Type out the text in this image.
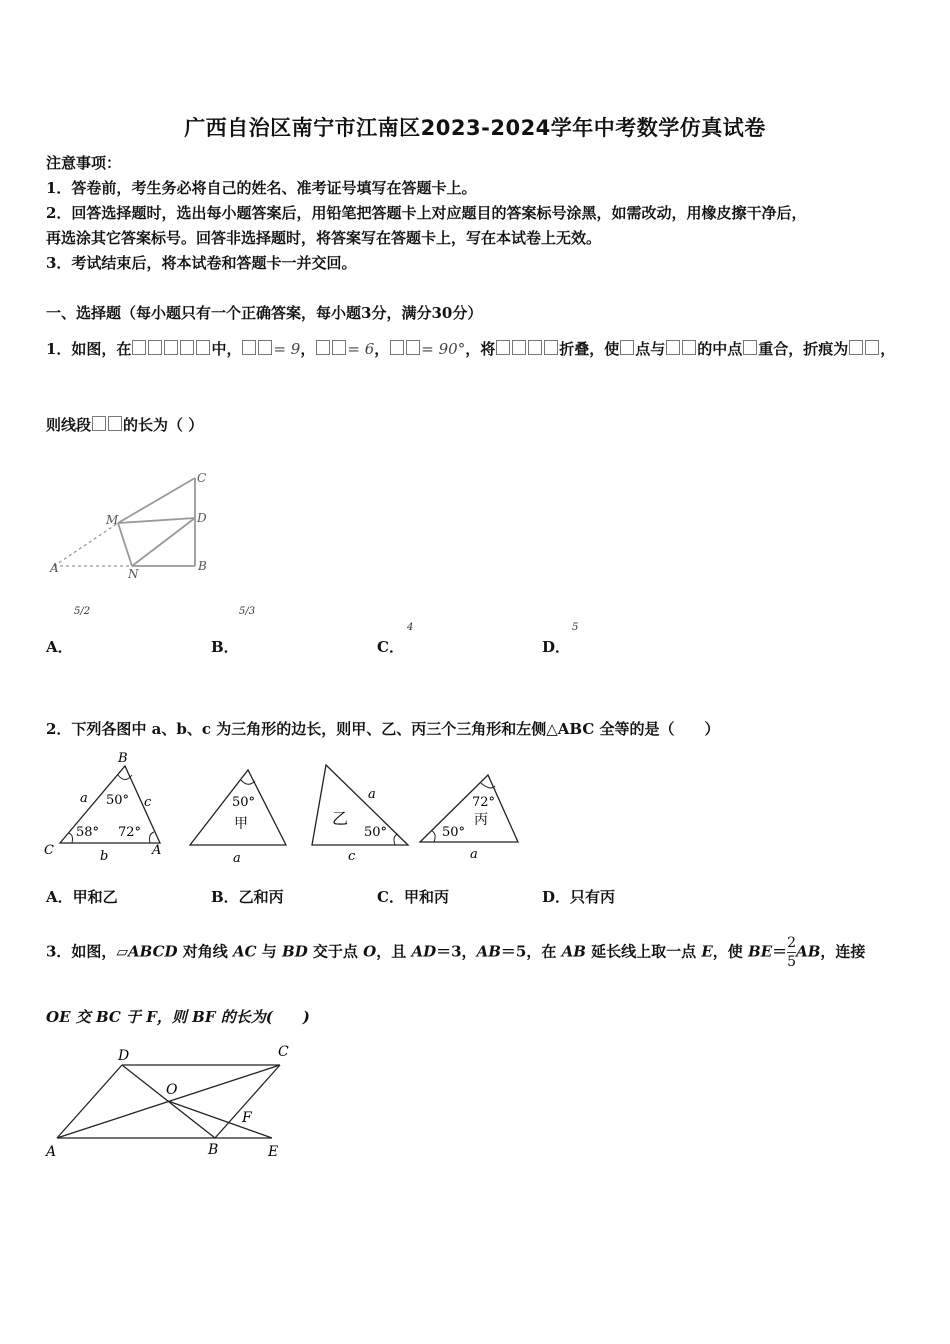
广西自治区南宁市江南区2023-2024学年中考数学仿真试卷
注意事项：
1．答卷前，考生务必将自己的姓名、准考证号填写在答题卡上。
2．回答选择题时，选出每小题答案后，用铅笔把答题卡上对应题目的答案标号涂黑，如需改动，用橡皮擦干净后，
再选涂其它答案标号。回答非选择题时，将答案写在答题卡上，写在本试卷上无效。
3．考试结束后，将本试卷和答题卡一并交回。
一、选择题（每小题只有一个正确答案，每小题3分，满分30分）
1．如图，在	中， = 9， = 6， = 90°，将	折叠，使 点与 的中点 重合，折痕为 ，
则线段 的长为（ ）
C
M	D
A	N
B
A．
5/2
B．
5/3
C．
4
D．
5
2．下列各图中 a、b、c 为三角形的边长，则甲、乙、丙三个三角形和左侧△ABC 全等的是（　　）
B
C	A
a	c
b
50°
58° 72°
50°
甲
a
乙
50°
a
c
72°
丙
50°
a
A．甲和乙	B．乙和丙	C．甲和丙	D．只有丙
3．如图，▱ABCD 对角线 AC 与 BD 交于点 O，且 AD＝3，AB＝5，在 AB 延长线上取一点 E，使 $BE= \frac{2}{5}$ AB，连接
OE 交 BC 于 F，则 BF 的长为(　　)
D	C
O
F
A	B	E
